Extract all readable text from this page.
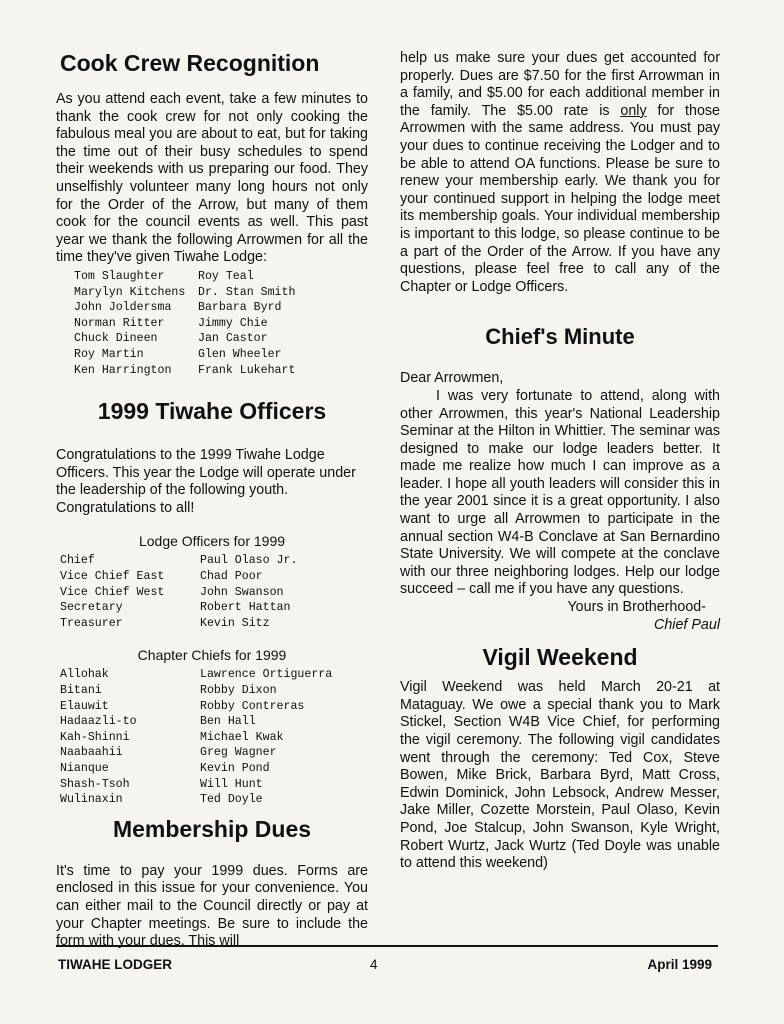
Cook Crew Recognition

As you attend each event, take a few minutes to thank the cook crew for not only cooking the fabulous meal you are about to eat, but for taking the time out of their busy schedules to spend their weekends with us preparing our food. They unselfishly volunteer many long hours not only for the Order of the Arrow, but many of them cook for the council events as well. This past year we thank the following Arrowmen for all the time they've given Tiwahe Lodge:

Tom Slaughter	Roy Teal
Marylyn Kitchens	Dr. Stan Smith
John Joldersma	Barbara Byrd
Norman Ritter	Jimmy Chie
Chuck Dineen	Jan Castor
Roy Martin	Glen Wheeler
Ken Harrington	Frank Lukehart
1999 Tiwahe Officers

Congratulations to the 1999 Tiwahe Lodge Officers. This year the Lodge will operate under the leadership of the following youth. Congratulations to all!

Lodge Officers for 1999
Chief	Paul Olaso Jr.
Vice Chief East	Chad Poor
Vice Chief West	John Swanson
Secretary	Robert Hattan
Treasurer	Kevin Sitz
Chapter Chiefs for 1999
Allohak	Lawrence Ortiguerra
Bitani	Robby Dixon
Elauwit	Robby Contreras
Hadaazli-to	Ben Hall
Kah-Shinni	Michael Kwak
Naabaahii	Greg Wagner
Nianque	Kevin Pond
Shash-Tsoh	Will Hunt
Wulinaxin	Ted Doyle
Membership Dues

It's time to pay your 1999 dues. Forms are enclosed in this issue for your convenience. You can either mail to the Council directly or pay at your Chapter meetings. Be sure to include the form with your dues. This will

help us make sure your dues get accounted for properly. Dues are $7.50 for the first Arrowman in a family, and $5.00 for each additional member in the family. The $5.00 rate is only for those Arrowmen with the same address. You must pay your dues to continue receiving the Lodger and to be able to attend OA functions. Please be sure to renew your membership early. We thank you for your continued support in helping the lodge meet its membership goals. Your individual membership is important to this lodge, so please continue to be a part of the Order of the Arrow. If you have any questions, please feel free to call any of the Chapter or Lodge Officers.

Chief's Minute

Dear Arrowmen,

I was very fortunate to attend, along with other Arrowmen, this year's National Leadership Seminar at the Hilton in Whittier. The seminar was designed to make our lodge leaders better. It made me realize how much I can improve as a leader. I hope all youth leaders will consider this in the year 2001 since it is a great opportunity. I also want to urge all Arrowmen to participate in the annual section W4-B Conclave at San Bernardino State University. We will compete at the conclave with our three neighboring lodges. Help our lodge succeed – call me if you have any questions.

Yours in Brotherhood-
Chief Paul
Vigil Weekend

Vigil Weekend was held March 20-21 at Mataguay. We owe a special thank you to Mark Stickel, Section W4B Vice Chief, for performing the vigil ceremony. The following vigil candidates went through the ceremony: Ted Cox, Steve Bowen, Mike Brick, Barbara Byrd, Matt Cross, Edwin Dominick, John Lebsock, Andrew Messer, Jake Miller, Cozette Morstein, Paul Olaso, Kevin Pond, Joe Stalcup, John Swanson, Kyle Wright, Robert Wurtz, Jack Wurtz (Ted Doyle was unable to attend this weekend)

TIWAHE LODGER	4	April 1999
